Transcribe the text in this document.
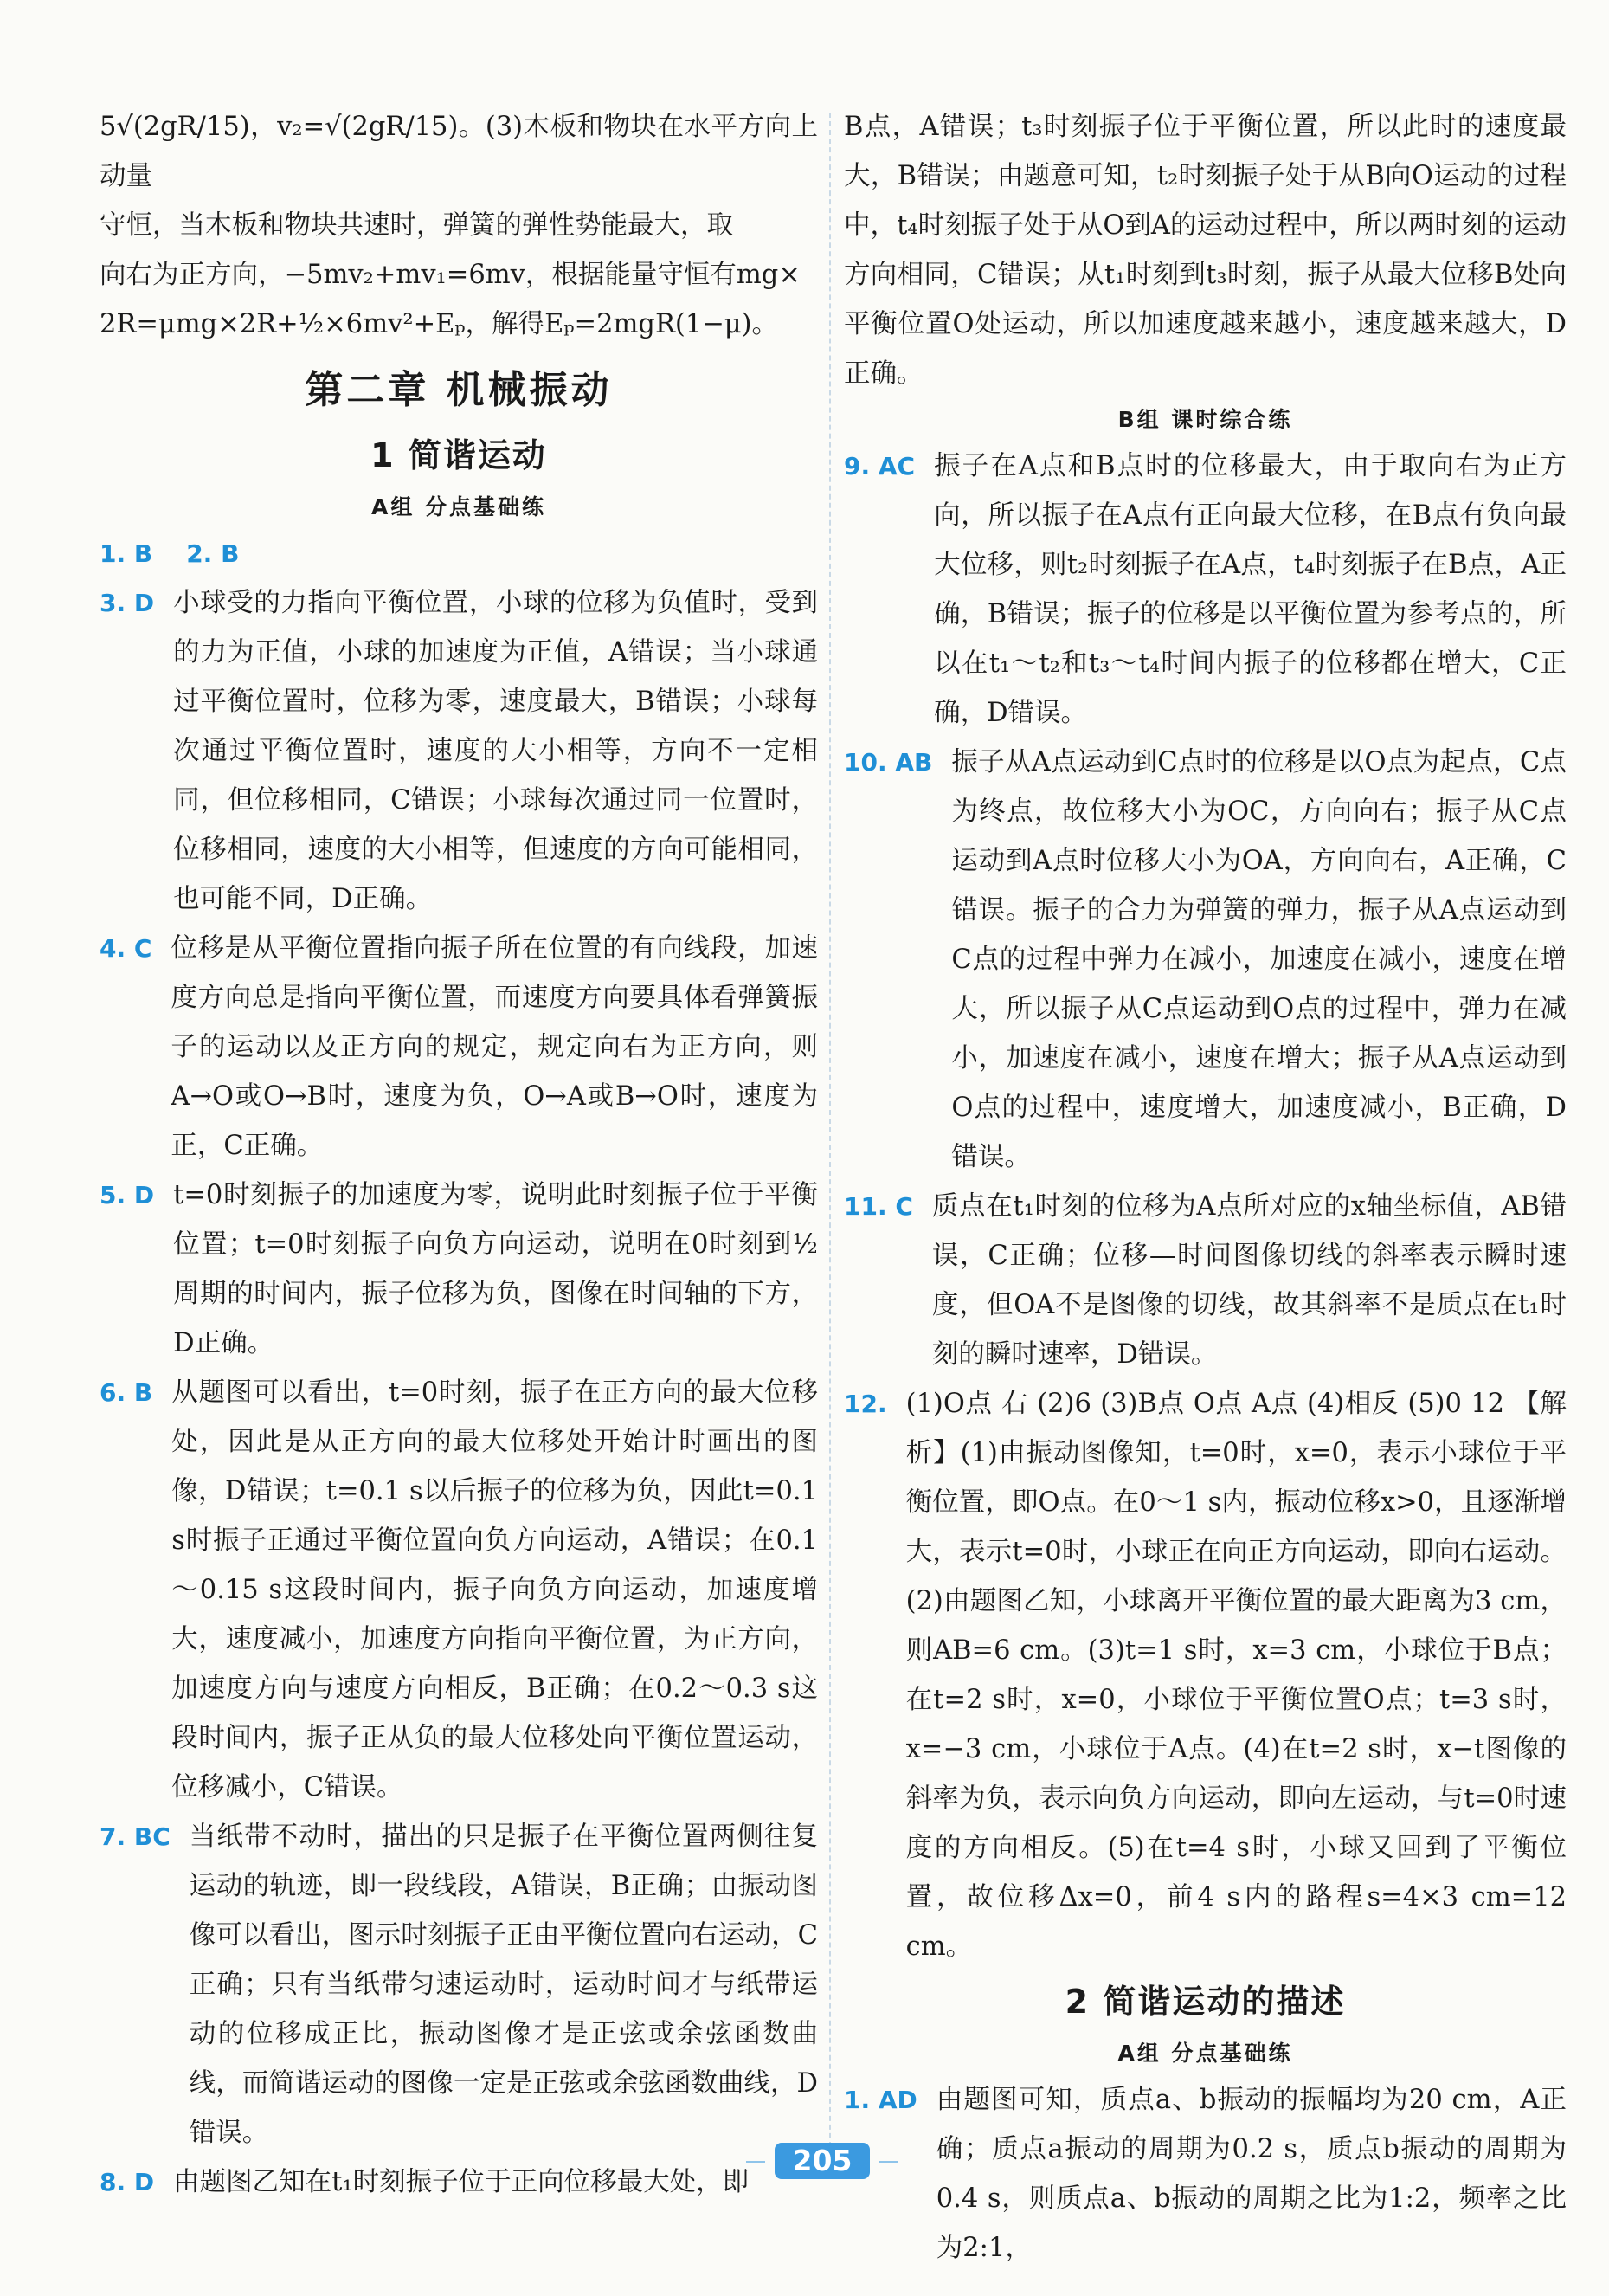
5√(2gR/15)，v₂=√(2gR/15)。(3)木板和物块在水平方向上动量

守恒，当木板和物块共速时，弹簧的弹性势能最大，取

向右为正方向，−5mv₂+mv₁=6mv，根据能量守恒有mg×

2R=μmg×2R+½×6mv²+Eₚ，解得Eₚ=2mgR(1−μ)。

第二章 机械振动
1 简谐运动
A组 分点基础练
1. B    2. B
3. D 小球受的力指向平衡位置，小球的位移为负值时，受到的力为正值，小球的加速度为正值，A错误；当小球通过平衡位置时，位移为零，速度最大，B错误；小球每次通过平衡位置时，速度的大小相等，方向不一定相同，但位移相同，C错误；小球每次通过同一位置时，位移相同，速度的大小相等，但速度的方向可能相同，也可能不同，D正确。
4. C 位移是从平衡位置指向振子所在位置的有向线段，加速度方向总是指向平衡位置，而速度方向要具体看弹簧振子的运动以及正方向的规定，规定向右为正方向，则A→O或O→B时，速度为负，O→A或B→O时，速度为正，C正确。
5. D t=0时刻振子的加速度为零，说明此时刻振子位于平衡位置；t=0时刻振子向负方向运动，说明在0时刻到½周期的时间内，振子位移为负，图像在时间轴的下方，D正确。
6. B 从题图可以看出，t=0时刻，振子在正方向的最大位移处，因此是从正方向的最大位移处开始计时画出的图像，D错误；t=0.1 s以后振子的位移为负，因此t=0.1 s时振子正通过平衡位置向负方向运动，A错误；在0.1～0.15 s这段时间内，振子向负方向运动，加速度增大，速度减小，加速度方向指向平衡位置，为正方向，加速度方向与速度方向相反，B正确；在0.2～0.3 s这段时间内，振子正从负的最大位移处向平衡位置运动，位移减小，C错误。
7. BC 当纸带不动时，描出的只是振子在平衡位置两侧往复运动的轨迹，即一段线段，A错误，B正确；由振动图像可以看出，图示时刻振子正由平衡位置向右运动，C正确；只有当纸带匀速运动时，运动时间才与纸带运动的位移成正比，振动图像才是正弦或余弦函数曲线，而简谐运动的图像一定是正弦或余弦函数曲线，D错误。
8. D 由题图乙知在t₁时刻振子位于正向位移最大处，即

B点，A错误；t₃时刻振子位于平衡位置，所以此时的速度最大，B错误；由题意可知，t₂时刻振子处于从B向O运动的过程中，t₄时刻振子处于从O到A的运动过程中，所以两时刻的运动方向相同，C错误；从t₁时刻到t₃时刻，振子从最大位移B处向平衡位置O处运动，所以加速度越来越小，速度越来越大，D正确。

B组 课时综合练
9. AC 振子在A点和B点时的位移最大，由于取向右为正方向，所以振子在A点有正向最大位移，在B点有负向最大位移，则t₂时刻振子在A点，t₄时刻振子在B点，A正确，B错误；振子的位移是以平衡位置为参考点的，所以在t₁～t₂和t₃～t₄时间内振子的位移都在增大，C正确，D错误。
10. AB 振子从A点运动到C点时的位移是以O点为起点，C点为终点，故位移大小为OC，方向向右；振子从C点运动到A点时位移大小为OA，方向向右，A正确，C错误。振子的合力为弹簧的弹力，振子从A点运动到C点的过程中弹力在减小，加速度在减小，速度在增大，所以振子从C点运动到O点的过程中，弹力在减小，加速度在减小，速度在增大；振子从A点运动到O点的过程中，速度增大，加速度减小，B正确，D错误。
11. C 质点在t₁时刻的位移为A点所对应的x轴坐标值，AB错误，C正确；位移—时间图像切线的斜率表示瞬时速度，但OA不是图像的切线，故其斜率不是质点在t₁时刻的瞬时速率，D错误。
12. (1)O点 右 (2)6 (3)B点 O点 A点 (4)相反 (5)0 12 【解析】(1)由振动图像知，t=0时，x=0，表示小球位于平衡位置，即O点。在0～1 s内，振动位移x>0，且逐渐增大，表示t=0时，小球正在向正方向运动，即向右运动。(2)由题图乙知，小球离开平衡位置的最大距离为3 cm，则AB=6 cm。(3)t=1 s时，x=3 cm，小球位于B点；在t=2 s时，x=0，小球位于平衡位置O点；t=3 s时，x=−3 cm，小球位于A点。(4)在t=2 s时，x−t图像的斜率为负，表示向负方向运动，即向左运动，与t=0时速度的方向相反。(5)在t=4 s时，小球又回到了平衡位置，故位移Δx=0，前4 s内的路程s=4×3 cm=12 cm。
2 简谐运动的描述
A组 分点基础练
1. AD 由题图可知，质点a、b振动的振幅均为20 cm，A正确；质点a振动的周期为0.2 s，质点b振动的周期为0.4 s，则质点a、b振动的周期之比为1:2，频率之比为2:1，
205
